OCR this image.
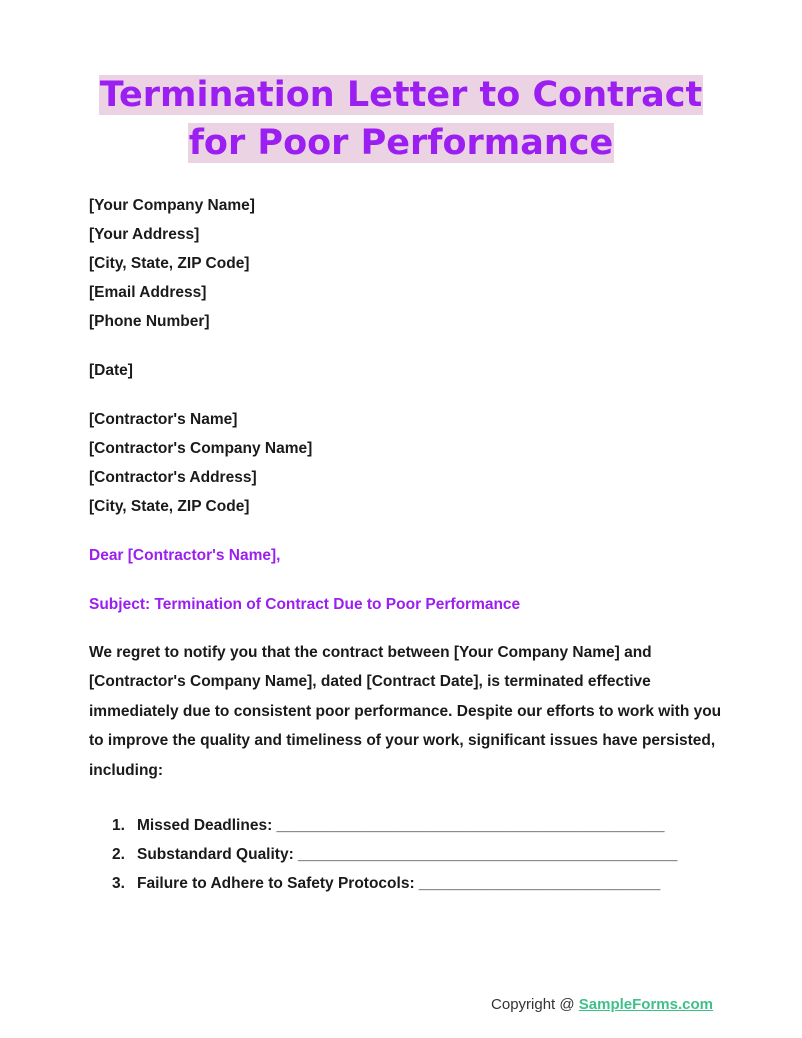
Termination Letter to Contract
for Poor Performance
[Your Company Name]
[Your Address]
[City, State, ZIP Code]
[Email Address]
[Phone Number]
[Date]
[Contractor's Name]
[Contractor's Company Name]
[Contractor's Address]
[City, State, ZIP Code]
Dear [Contractor's Name],
Subject: Termination of Contract Due to Poor Performance

We regret to notify you that the contract between [Your Company Name] and [Contractor's Company Name], dated [Contract Date], is terminated effective immediately due to consistent poor performance. Despite our efforts to work with you to improve the quality and timeliness of your work, significant issues have persisted, including:

1. Missed Deadlines: _____________________________________________
2. Substandard Quality: ____________________________________________
3. Failure to Adhere to Safety Protocols: ____________________________
Copyright @ SampleForms.com
